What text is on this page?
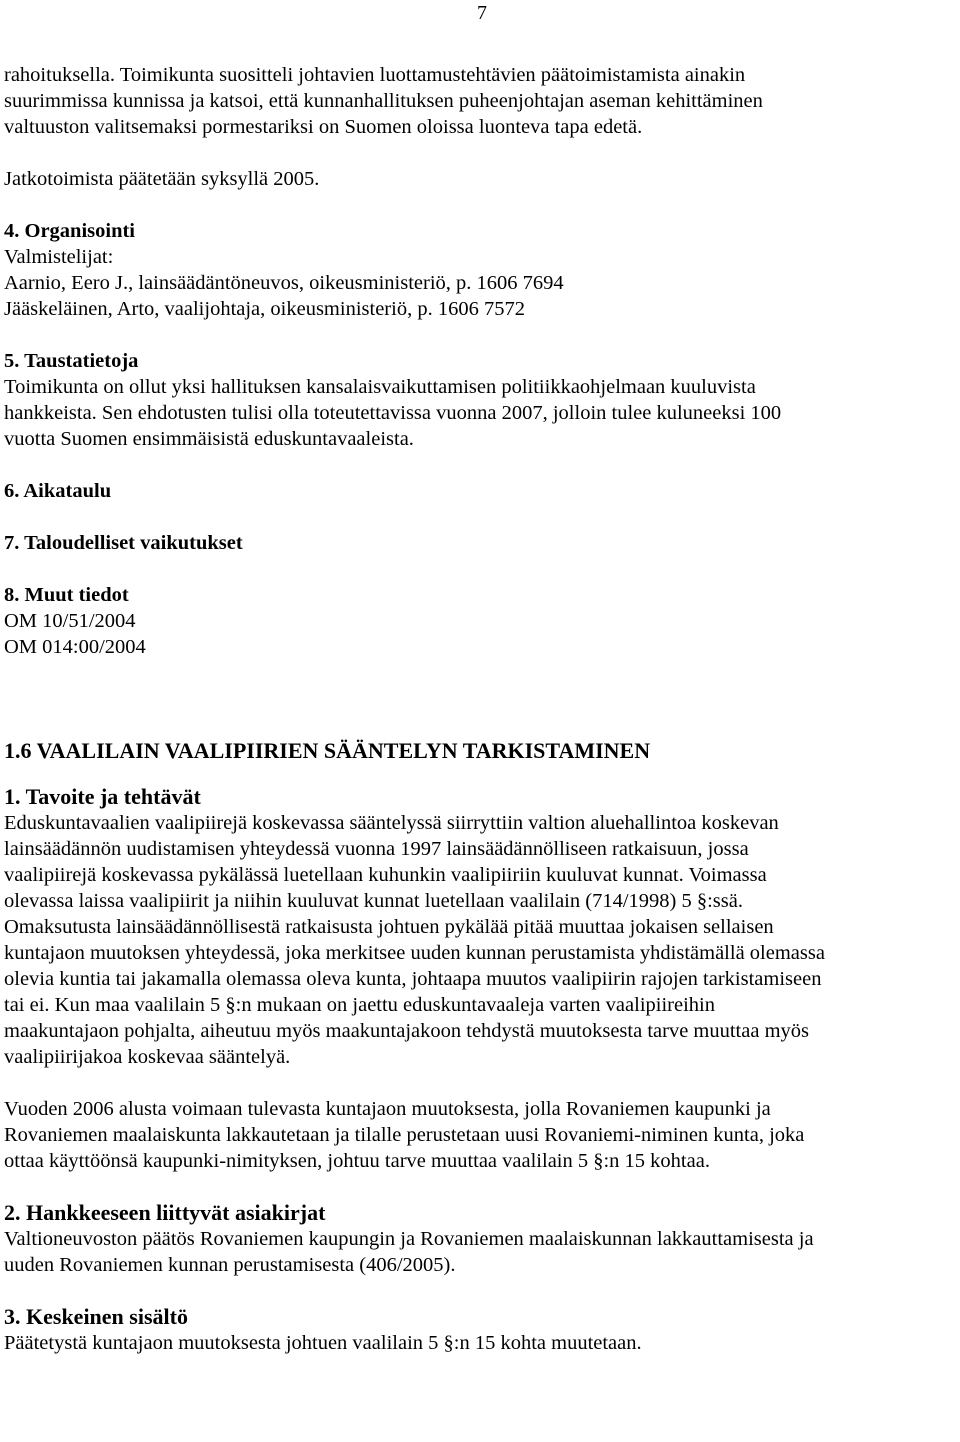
7

rahoituksella. Toimikunta suositteli johtavien luottamustehtävien päätoimistamista ainakin

suurimmissa kunnissa ja katsoi, että kunnanhallituksen puheenjohtajan aseman kehittäminen

valtuuston valitsemaksi pormestariksi on Suomen oloissa luonteva tapa edetä.

Jatkotoimista päätetään syksyllä 2005.

4. Organisointi

Valmistelijat:

Aarnio, Eero J., lainsäädäntöneuvos, oikeusministeriö, p. 1606 7694

Jääskeläinen, Arto, vaalijohtaja, oikeusministeriö, p. 1606 7572

5. Taustatietoja

Toimikunta on ollut yksi hallituksen kansalaisvaikuttamisen politiikkaohjelmaan kuuluvista

hankkeista. Sen ehdotusten tulisi olla toteutettavissa vuonna 2007, jolloin tulee kuluneeksi 100

vuotta Suomen ensimmäisistä eduskuntavaaleista.

6. Aikataulu

7. Taloudelliset vaikutukset

8. Muut tiedot

OM 10/51/2004

OM 014:00/2004

1.6 VAALILAIN VAALIPIIRIEN SÄÄNTELYN TARKISTAMINEN

1. Tavoite ja tehtävät

Eduskuntavaalien vaalipiirejä koskevassa sääntelyssä siirryttiin valtion aluehallintoa koskevan

lainsäädännön uudistamisen yhteydessä vuonna 1997 lainsäädännölliseen ratkaisuun, jossa

vaalipiirejä koskevassa pykälässä luetellaan kuhunkin vaalipiiriin kuuluvat kunnat. Voimassa

olevassa laissa vaalipiirit ja niihin kuuluvat kunnat luetellaan vaalilain (714/1998) 5 §:ssä.

Omaksutusta lainsäädännöllisestä ratkaisusta johtuen pykälää pitää muuttaa jokaisen sellaisen

kuntajaon muutoksen yhteydessä, joka merkitsee uuden kunnan perustamista yhdistämällä olemassa

olevia kuntia tai jakamalla olemassa oleva kunta, johtaapa muutos vaalipiirin rajojen tarkistamiseen

tai ei. Kun maa vaalilain 5 §:n mukaan on jaettu eduskuntavaaleja varten vaalipiireihin

maakuntajaon pohjalta, aiheutuu myös maakuntajakoon tehdystä muutoksesta tarve muuttaa myös

vaalipiirijakoa koskevaa sääntelyä.

Vuoden 2006 alusta voimaan tulevasta kuntajaon muutoksesta, jolla Rovaniemen kaupunki ja

Rovaniemen maalaiskunta lakkautetaan ja tilalle perustetaan uusi Rovaniemi-niminen kunta, joka

ottaa käyttöönsä kaupunki-nimityksen, johtuu tarve muuttaa vaalilain 5 §:n 15 kohtaa.

2. Hankkeeseen liittyvät asiakirjat

Valtioneuvoston päätös Rovaniemen kaupungin ja Rovaniemen maalaiskunnan lakkauttamisesta ja

uuden Rovaniemen kunnan perustamisesta (406/2005).

3. Keskeinen sisältö

Päätetystä kuntajaon muutoksesta johtuen vaalilain 5 §:n 15 kohta muutetaan.
